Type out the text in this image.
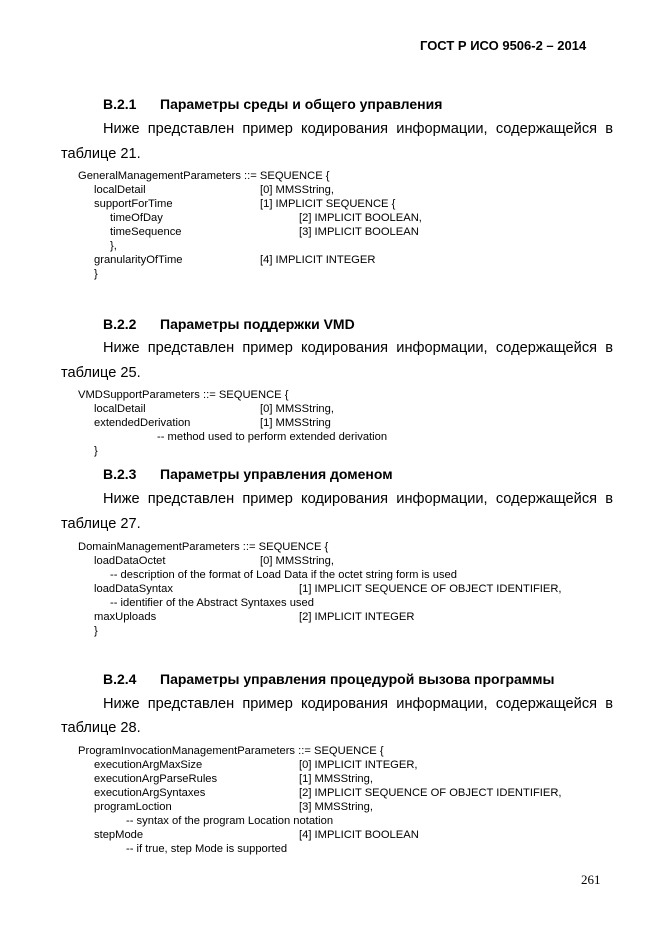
ГОСТ Р ИСО 9506-2 – 2014
B.2.1 Параметры среды и общего управления
Ниже представлен пример кодирования информации, содержащейся в
таблице 21.
GeneralManagementParameters ::= SEQUENCE {
localDetail	[0] MMSString,
supportForTime	[1] IMPLICIT SEQUENCE {
timeOfDay	[2] IMPLICIT BOOLEAN,
timeSequence	[3] IMPLICIT BOOLEAN
},
granularityOfTime	[4] IMPLICIT INTEGER
}
B.2.2 Параметры поддержки VMD
Ниже представлен пример кодирования информации, содержащейся в
таблице 25.
VMDSupportParameters ::= SEQUENCE {
localDetail	[0] MMSString,
extendedDerivation	[1] MMSString
-- method used to perform extended derivation
}
B.2.3 Параметры управления доменом
Ниже представлен пример кодирования информации, содержащейся в
таблице 27.
DomainManagementParameters ::= SEQUENCE {
loadDataOctet	[0] MMSString,
-- description of the format of Load Data if the octet string form is used
loadDataSyntax	[1] IMPLICIT SEQUENCE OF OBJECT IDENTIFIER,
-- identifier of the Abstract Syntaxes used
maxUploads	[2] IMPLICIT INTEGER
}
B.2.4 Параметры управления процедурой вызова программы
Ниже представлен пример кодирования информации, содержащейся в
таблице 28.
ProgramInvocationManagementParameters ::= SEQUENCE {
executionArgMaxSize	[0] IMPLICIT INTEGER,
executionArgParseRules	[1] MMSString,
executionArgSyntaxes	[2] IMPLICIT SEQUENCE OF OBJECT IDENTIFIER,
programLoction	[3] MMSString,
-- syntax of the program Location notation
stepMode	[4] IMPLICIT BOOLEAN
-- if true, step Mode is supported
261
